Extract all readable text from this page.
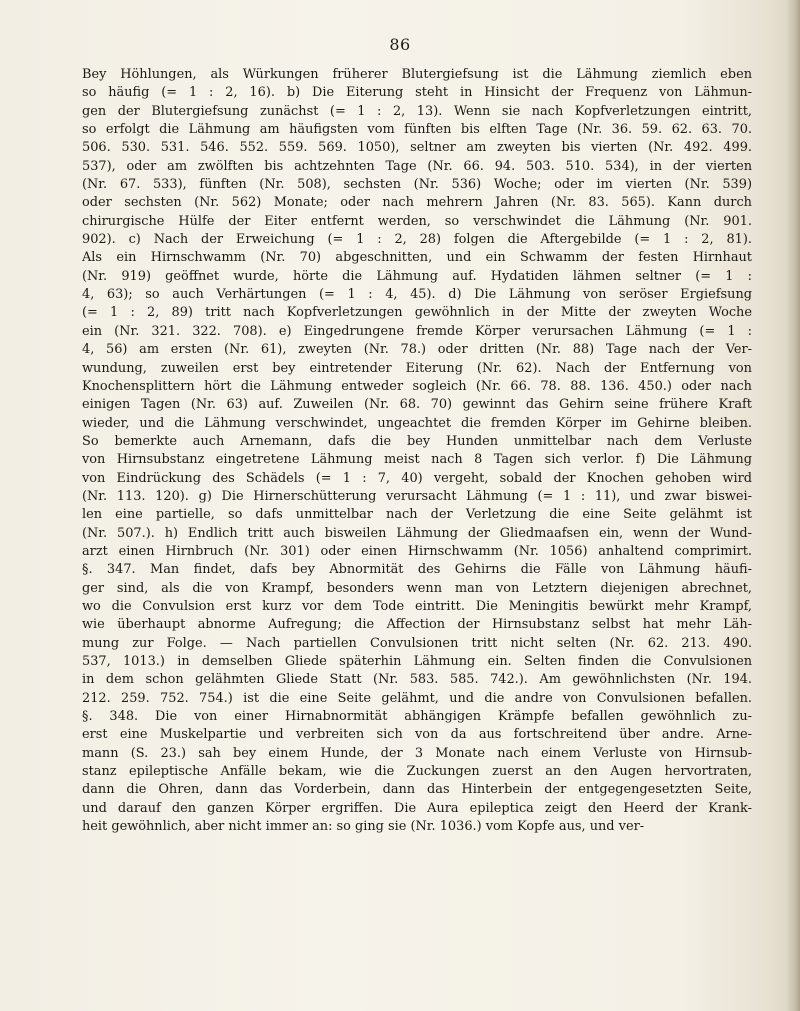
86
Bey Höhlungen, als Würkungen früherer Blutergiefsung ist die Lähmung ziemlich eben
so häufig (= 1 : 2, 16). b) Die Eiterung steht in Hinsicht der Frequenz von Lähmun-
gen der Blutergiefsung zunächst (= 1 : 2, 13). Wenn sie nach Kopfverletzungen eintritt,
so erfolgt die Lähmung am häufigsten vom fünften bis elften Tage (Nr. 36. 59. 62. 63. 70.
506. 530. 531. 546. 552. 559. 569. 1050), seltner am zweyten bis vierten (Nr. 492. 499.
537), oder am zwölften bis achtzehnten Tage (Nr. 66. 94. 503. 510. 534), in der vierten
(Nr. 67. 533), fünften (Nr. 508), sechsten (Nr. 536) Woche; oder im vierten (Nr. 539)
oder sechsten (Nr. 562) Monate; oder nach mehrern Jahren (Nr. 83. 565). Kann durch
chirurgische Hülfe der Eiter entfernt werden, so verschwindet die Lähmung (Nr. 901.
902). c) Nach der Erweichung (= 1 : 2, 28) folgen die Aftergebilde (= 1 : 2, 81).
Als ein Hirnschwamm (Nr. 70) abgeschnitten, und ein Schwamm der festen Hirnhaut
(Nr. 919) geöffnet wurde, hörte die Lähmung auf. Hydatiden lähmen seltner (= 1 :
4, 63); so auch Verhärtungen (= 1 : 4, 45). d) Die Lähmung von seröser Ergiefsung
(= 1 : 2, 89) tritt nach Kopfverletzungen gewöhnlich in der Mitte der zweyten Woche
ein (Nr. 321. 322. 708). e) Eingedrungene fremde Körper verursachen Lähmung (= 1 :
4, 56) am ersten (Nr. 61), zweyten (Nr. 78.) oder dritten (Nr. 88) Tage nach der Ver-
wundung, zuweilen erst bey eintretender Eiterung (Nr. 62). Nach der Entfernung von
Knochensplittern hört die Lähmung entweder sogleich (Nr. 66. 78. 88. 136. 450.) oder nach
einigen Tagen (Nr. 63) auf. Zuweilen (Nr. 68. 70) gewinnt das Gehirn seine frühere Kraft
wieder, und die Lähmung verschwindet, ungeachtet die fremden Körper im Gehirne bleiben.
So bemerkte auch Arnemann, dafs die bey Hunden unmittelbar nach dem Verluste
von Hirnsubstanz eingetretene Lähmung meist nach 8 Tagen sich verlor. f) Die Lähmung
von Eindrückung des Schädels (= 1 : 7, 40) vergeht, sobald der Knochen gehoben wird
(Nr. 113. 120). g) Die Hirnerschütterung verursacht Lähmung (= 1 : 11), und zwar biswei-
len eine partielle, so dafs unmittelbar nach der Verletzung die eine Seite gelähmt ist
(Nr. 507.). h) Endlich tritt auch bisweilen Lähmung der Gliedmaafsen ein, wenn der Wund-
arzt einen Hirnbruch (Nr. 301) oder einen Hirnschwamm (Nr. 1056) anhaltend comprimirt.
§. 347. Man findet, dafs bey Abnormität des Gehirns die Fälle von Lähmung häufi-
ger sind, als die von Krampf, besonders wenn man von Letztern diejenigen abrechnet,
wo die Convulsion erst kurz vor dem Tode eintritt. Die Meningitis bewürkt mehr Krampf,
wie überhaupt abnorme Aufregung; die Affection der Hirnsubstanz selbst hat mehr Läh-
mung zur Folge. — Nach partiellen Convulsionen tritt nicht selten (Nr. 62. 213. 490.
537, 1013.) in demselben Gliede späterhin Lähmung ein. Selten finden die Convulsionen
in dem schon gelähmten Gliede Statt (Nr. 583. 585. 742.). Am gewöhnlichsten (Nr. 194.
212. 259. 752. 754.) ist die eine Seite gelähmt, und die andre von Convulsionen befallen.
§. 348. Die von einer Hirnabnormität abhängigen Krämpfe befallen gewöhnlich zu-
erst eine Muskelpartie und verbreiten sich von da aus fortschreitend über andre. Arne-
mann (S. 23.) sah bey einem Hunde, der 3 Monate nach einem Verluste von Hirnsub-
stanz epileptische Anfälle bekam, wie die Zuckungen zuerst an den Augen hervortraten,
dann die Ohren, dann das Vorderbein, dann das Hinterbein der entgegengesetzten Seite,
und darauf den ganzen Körper ergriffen. Die Aura epileptica zeigt den Heerd der Krank-
heit gewöhnlich, aber nicht immer an: so ging sie (Nr. 1036.) vom Kopfe aus, und ver-
